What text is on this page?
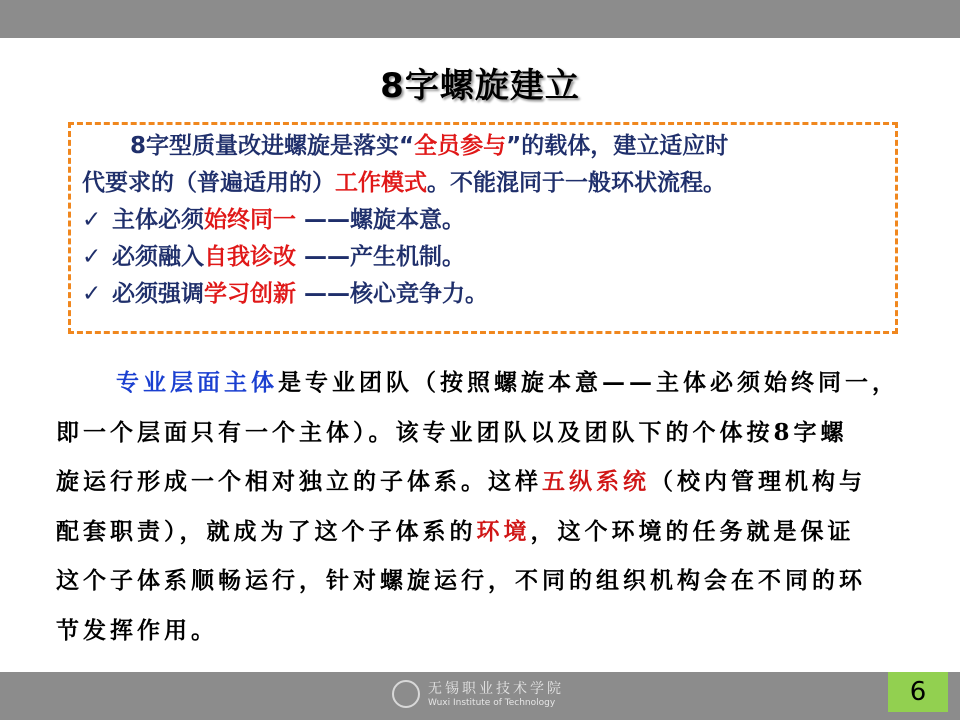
8字螺旋建立
8字型质量改进螺旋是落实“全员参与”的载体，建立适应时
代要求的（普遍适用的）工作模式。不能混同于一般环状流程。
✓ 主体必须始终同一 ——螺旋本意。
✓ 必须融入自我诊改 ——产生机制。
✓ 必须强调学习创新 ——核心竞争力。
专业层面主体是专业团队（按照螺旋本意——主体必须始终同一，
即一个层面只有一个主体）。该专业团队以及团队下的个体按8字螺
旋运行形成一个相对独立的子体系。这样五纵系统（校内管理机构与
配套职责），就成为了这个子体系的环境，这个环境的任务就是保证
这个子体系顺畅运行，针对螺旋运行，不同的组织机构会在不同的环
节发挥作用。
无锡职业技术学院
Wuxi Institute of Technology	6
